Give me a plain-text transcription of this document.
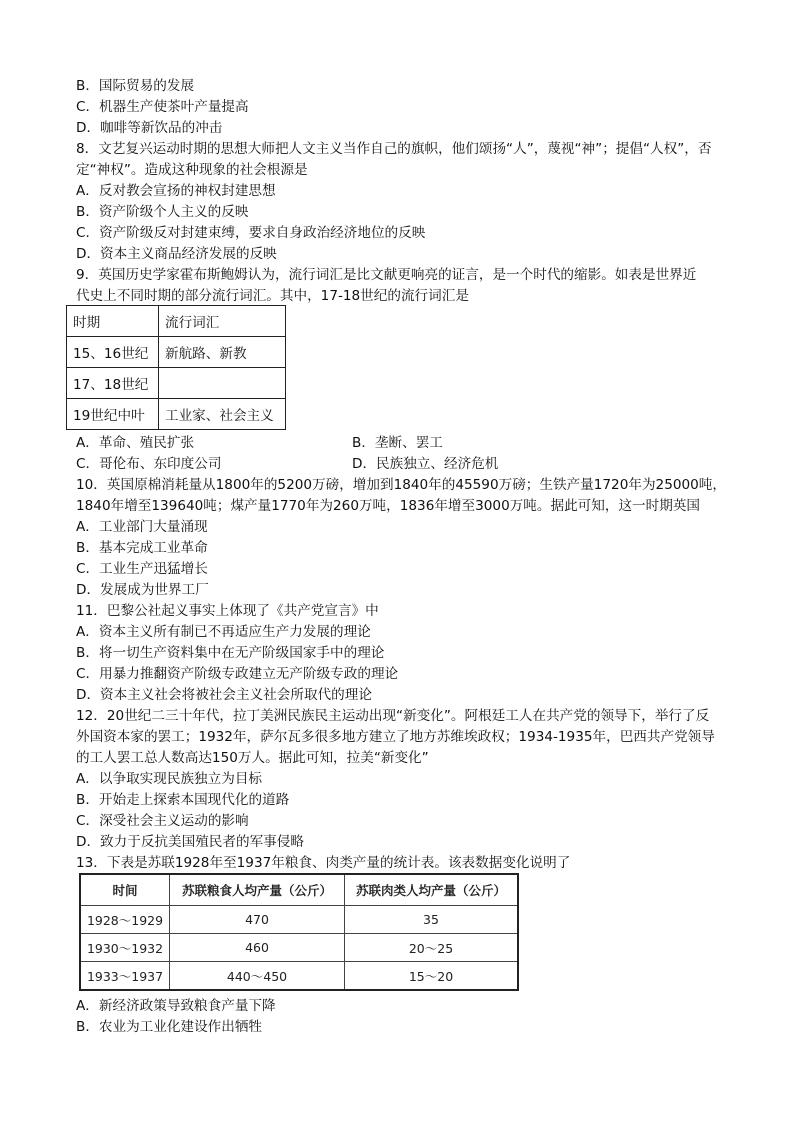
B．国际贸易的发展
C．机器生产使茶叶产量提高
D．咖啡等新饮品的冲击
8．文艺复兴运动时期的思想大师把人文主义当作自己的旗帜，他们颂扬“人”，蔑视“神”；提倡“人权”，否
定“神权”。造成这种现象的社会根源是
A．反对教会宣扬的神权封建思想
B．资产阶级个人主义的反映
C．资产阶级反对封建束缚，要求自身政治经济地位的反映
D．资本主义商品经济发展的反映
9．英国历史学家霍布斯鲍姆认为，流行词汇是比文献更响亮的证言，是一个时代的缩影。如表是世界近
代史上不同时期的部分流行词汇。其中，17-18世纪的流行词汇是
时期	流行词汇
15、16世纪	新航路、新教
17、18世纪	
19世纪中叶	工业家、社会主义
A．革命、殖民扩张	B．垄断、罢工
C．哥伦布、东印度公司	D．民族独立、经济危机
10．英国原棉消耗量从1800年的5200万磅，增加到1840年的45590万磅；生铁产量1720年为25000吨，
1840年增至139640吨；煤产量1770年为260万吨，1836年增至3000万吨。据此可知，这一时期英国
A．工业部门大量涌现
B．基本完成工业革命
C．工业生产迅猛增长
D．发展成为世界工厂
11．巴黎公社起义事实上体现了《共产党宣言》中
A．资本主义所有制已不再适应生产力发展的理论
B．将一切生产资料集中在无产阶级国家手中的理论
C．用暴力推翻资产阶级专政建立无产阶级专政的理论
D．资本主义社会将被社会主义社会所取代的理论
12．20世纪二三十年代，拉丁美洲民族民主运动出现“新变化”。阿根廷工人在共产党的领导下，举行了反
外国资本家的罢工；1932年，萨尔瓦多很多地方建立了地方苏维埃政权；1934-1935年，巴西共产党领导
的工人罢工总人数高达150万人。据此可知，拉美“新变化”
A．以争取实现民族独立为目标
B．开始走上探索本国现代化的道路
C．深受社会主义运动的影响
D．致力于反抗美国殖民者的军事侵略
13．下表是苏联1928年至1937年粮食、肉类产量的统计表。该表数据变化说明了
时间	苏联粮食人均产量（公斤）	苏联肉类人均产量（公斤）
1928～1929	470	35
1930～1932	460	20～25
1933～1937	440～450	15～20
A．新经济政策导致粮食产量下降
B．农业为工业化建设作出牺牲
